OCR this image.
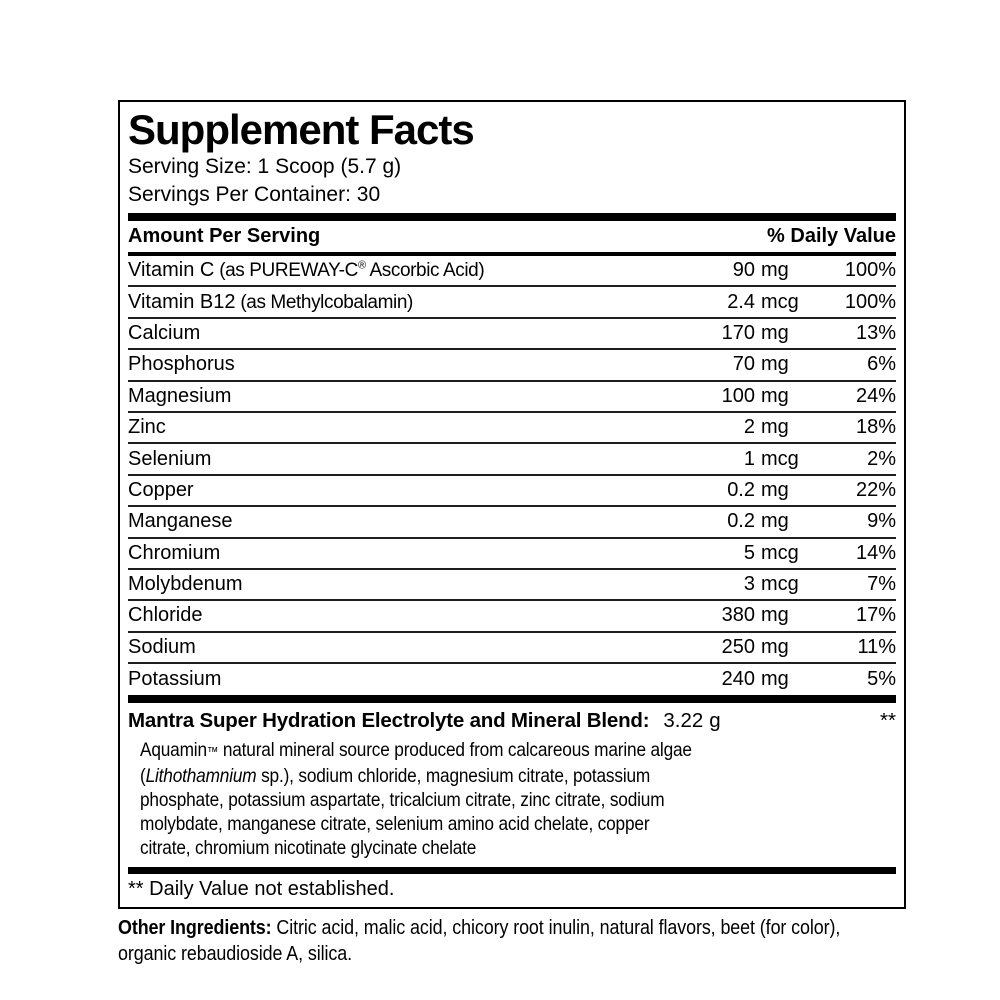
Supplement Facts
Serving Size: 1 Scoop (5.7 g)
Servings Per Container: 30
Amount Per Serving	% Daily Value
Vitamin C (as PUREWAY-C® Ascorbic Acid)	90 mg	100%
Vitamin B12 (as Methylcobalamin)	2.4 mcg	100%
Calcium	170 mg	13%
Phosphorus	70 mg	6%
Magnesium	100 mg	24%
Zinc	2 mg	18%
Selenium	1 mcg	2%
Copper	0.2 mg	22%
Manganese	0.2 mg	9%
Chromium	5 mcg	14%
Molybdenum	3 mcg	7%
Chloride	380 mg	17%
Sodium	250 mg	11%
Potassium	240 mg	5%
Mantra Super Hydration Electrolyte and Mineral Blend: 3.22 g	**
Aquamin™ natural mineral source produced from calcareous marine algae (Lithothamnium sp.), sodium chloride, magnesium citrate, potassium phosphate, potassium aspartate, tricalcium citrate, zinc citrate, sodium molybdate, manganese citrate, selenium amino acid chelate, copper citrate, chromium nicotinate glycinate chelate
** Daily Value not established.
Other Ingredients: Citric acid, malic acid, chicory root inulin, natural flavors, beet (for color), organic rebaudioside A, silica.
